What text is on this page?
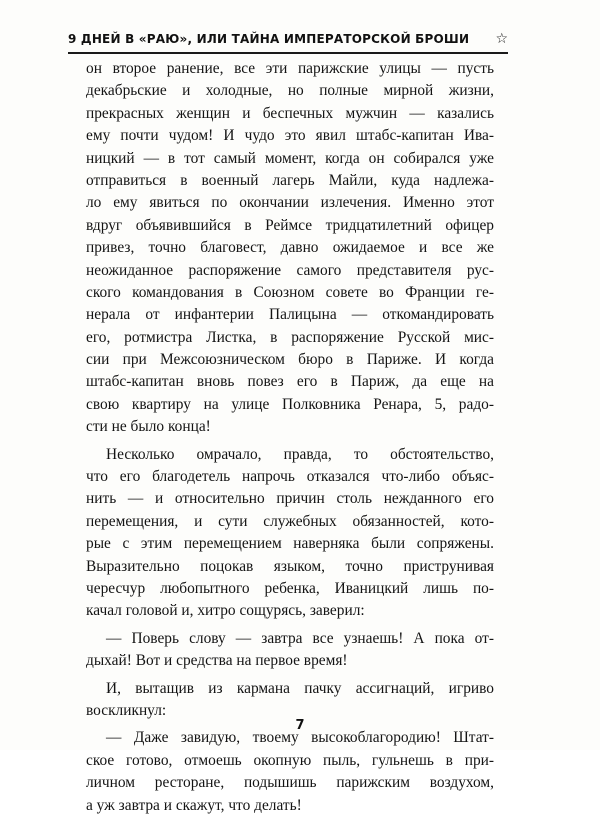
9 ДНЕЙ В «РАЮ», ИЛИ ТАЙНА ИМПЕРАТОРСКОЙ БРОШИ ☆
он второе ранение, все эти парижские улицы — пусть
декабрьские и холодные, но полные мирной жизни,
прекрасных женщин и беспечных мужчин — казались
ему почти чудом! И чудо это явил штабс-капитан Ива-
ницкий — в тот самый момент, когда он собирался уже
отправиться в военный лагерь Майли, куда надлежа-
ло ему явиться по окончании излечения. Именно этот
вдруг объявившийся в Реймсе тридцатилетний офицер
привез, точно благовест, давно ожидаемое и все же
неожиданное распоряжение самого представителя рус-
ского командования в Союзном совете во Франции ге-
нерала от инфантерии Палицына — откомандировать
его, ротмистра Листка, в распоряжение Русской мис-
сии при Межсоюзническом бюро в Париже. И когда
штабс-капитан вновь повез его в Париж, да еще на
свою квартиру на улице Полковника Ренара, 5, радо-
сти не было конца!
Несколько омрачало, правда, то обстоятельство,
что его благодетель напрочь отказался что-либо объяс-
нить — и относительно причин столь нежданного его
перемещения, и сути служебных обязанностей, кото-
рые с этим перемещением наверняка были сопряжены.
Выразительно поцокав языком, точно приструнивая
чересчур любопытного ребенка, Иваницкий лишь по-
качал головой и, хитро сощурясь, заверил:
— Поверь слову — завтра все узнаешь! А пока от-
дыхай! Вот и средства на первое время!
И, вытащив из кармана пачку ассигнаций, игриво
воскликнул:
— Даже завидую, твоему высокоблагородию! Штат-
ское готово, отмоешь окопную пыль, гульнешь в при-
личном ресторане, подышишь парижским воздухом,
а уж завтра и скажут, что делать!
7
